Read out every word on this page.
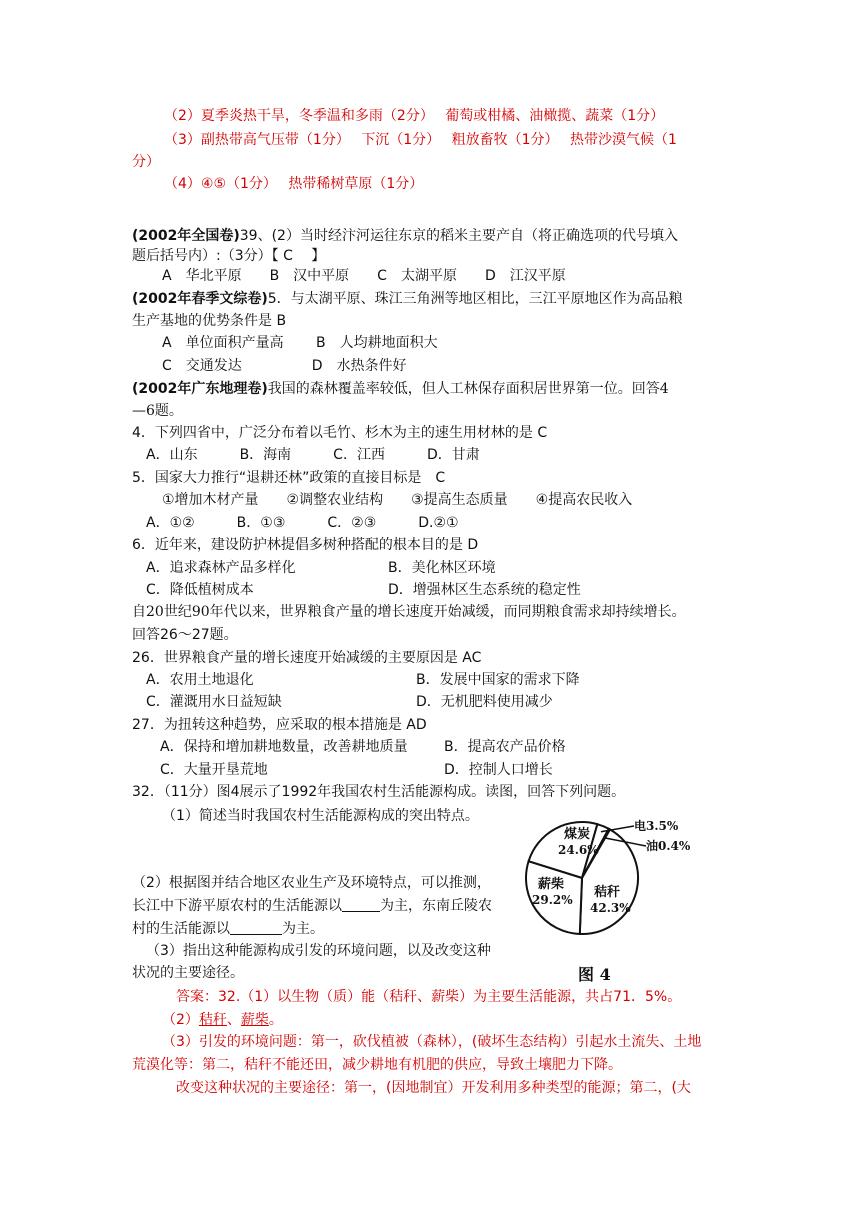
（2）夏季炎热干旱，冬季温和多雨（2分）　 葡萄或柑橘、油橄揽、蔬菜（1分）
（3）副热带高气压带（1分）　 下沉（1分）　 粗放畜牧（1分）　 热带沙漠气候（1
分）
（4）④⑤（1分）　 热带稀树草原（1分）
(2002年全国卷)39、(2）当时经汴河运往东京的稻米主要产自（将正确选项的代号填入
题后括号内）:（3分）【 C 　】
A　华北平原　　B　汉中平原　　C　太湖平原　　D　江汉平原
(2002年春季文综卷)5．与太湖平原、珠江三角洲等地区相比，三江平原地区作为高品粮
生产基地的优势条件是 B
A　单位面积产量高　　 B　人均耕地面积大
C　交通发达　　　　　D　水热条件好
(2002年广东地理卷)我国的森林覆盖率较低，但人工林保存面积居世界第一位。回答4
—6题。
4．下列四省中，广泛分布着以毛竹、杉木为主的速生用材林的是 C
A．山东　　　B．海南　　　C．江西　　　D．甘肃
5．国家大力推行“退耕还林”政策的直接目标是　C
①增加木材产量　　②调整农业结构　　③提高生态质量　　④提高农民收入
A．①②　　　B．①③　　　C．②③　　　D.②①
6．近年来，建设防护林提倡多树种搭配的根本目的是 D
A．追求森林产品多样化	B．美化林区环境
C．降低植树成本	D．增强林区生态系统的稳定性
自20世纪90年代以来，世界粮食产量的增长速度开始减缓，而同期粮食需求却持续增长。
回答26～27题。
26．世界粮食产量的增长速度开始减缓的主要原因是 AC
A．农用土地退化	B．发展中国家的需求下降
C．灌溉用水日益短缺	D．无机肥料使用减少
27．为扭转这种趋势，应采取的根本措施是 AD
A．保持和增加耕地数量，改善耕地质量	B．提高农产品价格
C．大量开垦荒地	D．控制人口增长
32．（11分）图4展示了1992年我国农村生活能源构成。读图，回答下列问题。
（1）简述当时我国农村生活能源构成的突出特点。
（2）根据图并结合地区农业生产及环境特点，可以推测，
长江中下游平原农村的生活能源以	为主，东南丘陵农
村的生活能源以	为主。
（3）指出这种能源构成引发的环境问题，以及改变这种
状况的主要途径。
煤炭
24.6%
薪柴
29.2% 秸秆
42.3%
电3.5%
油0.4%
图 4
答案：32.（1）以生物（质）能（秸秆、薪柴）为主要生活能源，共占71．5%。
（2）秸秆、薪柴。
（3）引发的环境问题：第一，砍伐植被（森林），(破坏生态结构）引起水土流失、土地
荒漠化等：第二，秸秆不能还田，减少耕地有机肥的供应，导致土壤肥力下降。
改变这种状况的主要途径：第一，(因地制宜）开发利用多种类型的能源；第二，(大
